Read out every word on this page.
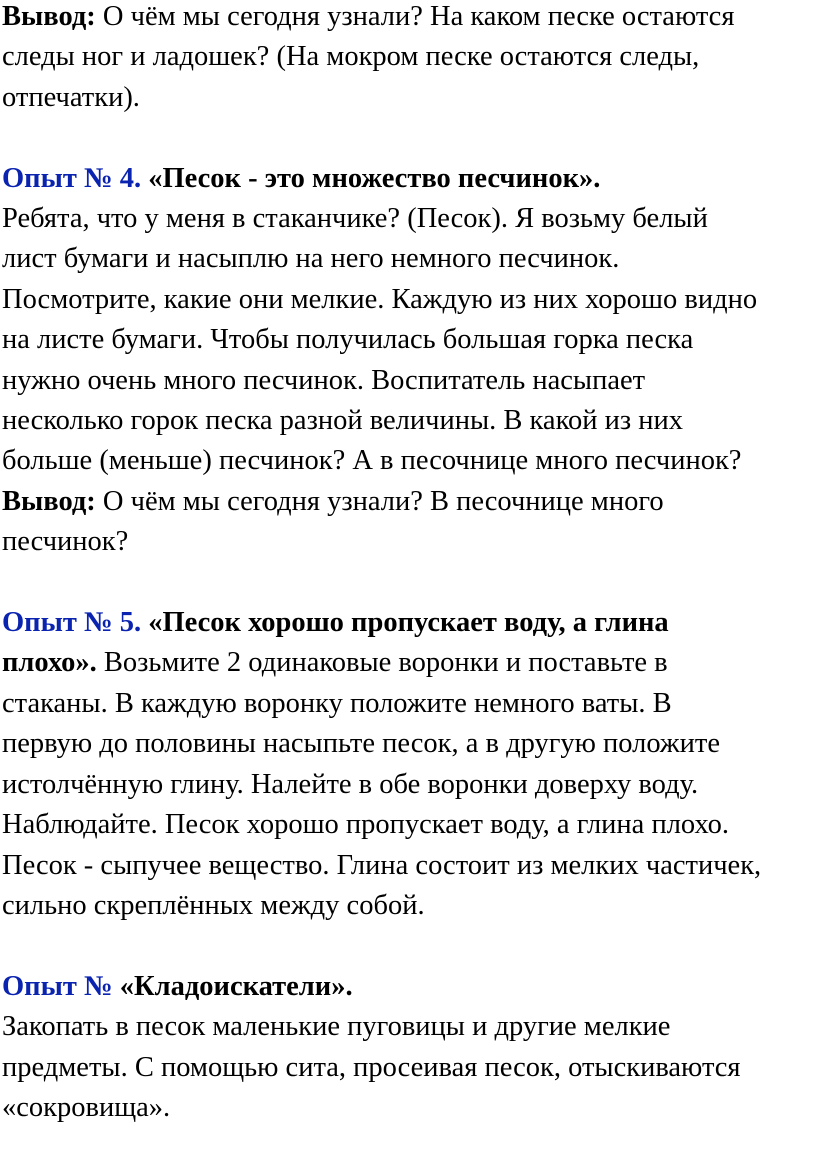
Вывод: О чём мы сегодня узнали? На каком песке остаются
следы ног и ладошек? (На мокром песке остаются следы,
отпечатки).

Опыт № 4. «Песок - это множество песчинок».

Ребята, что у меня в стаканчике? (Песок). Я возьму белый
лист бумаги и насыплю на него немного песчинок.
Посмотрите, какие они мелкие. Каждую из них хорошо видно
на листе бумаги. Чтобы получилась большая горка песка
нужно очень много песчинок. Воспитатель насыпает
несколько горок песка разной величины. В какой из них
больше (меньше) песчинок? А в песочнице много песчинок?

Вывод: О чём мы сегодня узнали? В песочнице много
песчинок?

Опыт № 5. «Песок хорошо пропускает воду, а глина
плохо». Возьмите 2 одинаковые воронки и поставьте в
стаканы. В каждую воронку положите немного ваты. В
первую до половины насыпьте песок, а в другую положите
истолчённую глину. Налейте в обе воронки доверху воду.
Наблюдайте. Песок хорошо пропускает воду, а глина плохо.
Песок - сыпучее вещество. Глина состоит из мелких частичек,
сильно скреплённых между собой.

Опыт № «Кладоискатели».

Закопать в песок маленькие пуговицы и другие мелкие
предметы. С помощью сита, просеивая песок, отыскиваются
«сокровища».
